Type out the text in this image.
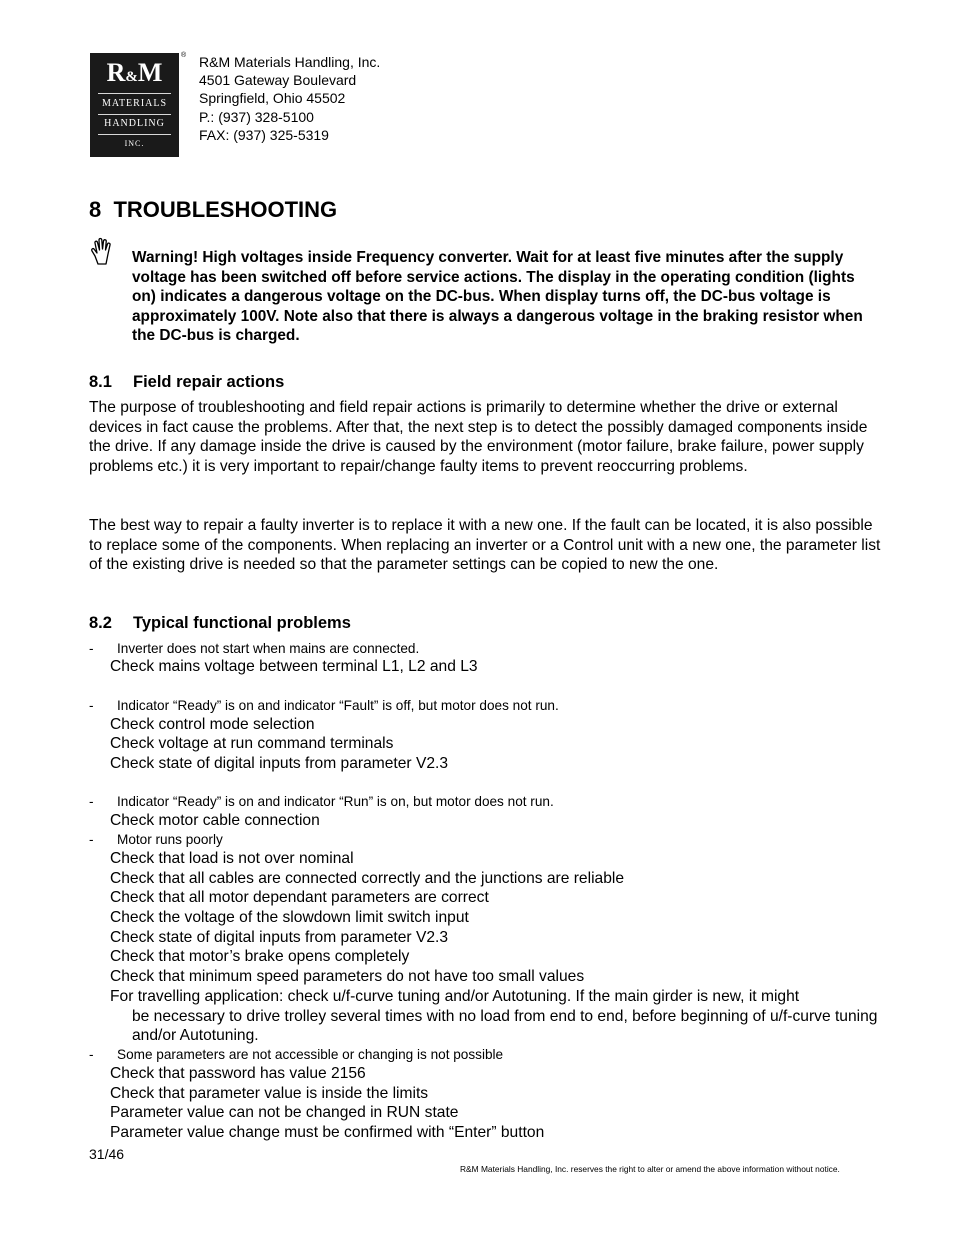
R&M
MATERIALS
HANDLING
INC.
® R&M Materials Handling, Inc.
4501 Gateway Boulevard
Springfield, Ohio 45502
P.: (937) 328-5100
FAX: (937) 325-5319
8 TROUBLESHOOTING
Warning! High voltages inside Frequency converter. Wait for at least five minutes after the supply voltage has been switched off before service actions. The display in the operating condition (lights on) indicates a dangerous voltage on the DC-bus. When display turns off, the DC-bus voltage is approximately 100V. Note also that there is always a dangerous voltage in the braking resistor when the DC-bus is charged.
8.1 Field repair actions
The purpose of troubleshooting and field repair actions is primarily to determine whether the drive or external devices in fact cause the problems. After that, the next step is to detect the possibly damaged components inside the drive. If any damage inside the drive is caused by the environment (motor failure, brake failure, power supply problems etc.) it is very important to repair/change faulty items to prevent reoccurring problems.
The best way to repair a faulty inverter is to replace it with a new one. If the fault can be located, it is also possible to replace some of the components. When replacing an inverter or a Control unit with a new one, the parameter list of the existing drive is needed so that the parameter settings can be copied to new the one.
8.2 Typical functional problems
- Inverter does not start when mains are connected.
Check mains voltage between terminal L1, L2 and L3
- Indicator “Ready” is on and indicator “Fault” is off, but motor does not run.
Check control mode selection
Check voltage at run command terminals
Check state of digital inputs from parameter V2.3
- Indicator “Ready” is on and indicator “Run” is on, but motor does not run.
Check motor cable connection
- Motor runs poorly
Check that load is not over nominal
Check that all cables are connected correctly and the junctions are reliable
Check that all motor dependant parameters are correct
Check the voltage of the slowdown limit switch input
Check state of digital inputs from parameter V2.3
Check that motor’s brake opens completely
Check that minimum speed parameters do not have too small values
For travelling application: check u/f-curve tuning and/or Autotuning. If the main girder is new, it might
be necessary to drive trolley several times with no load from end to end, before beginning of u/f-curve tuning and/or Autotuning.
- Some parameters are not accessible or changing is not possible
Check that password has value 2156
Check that parameter value is inside the limits
Parameter value can not be changed in RUN state
Parameter value change must be confirmed with “Enter” button
31/46
R&M Materials Handling, Inc. reserves the right to alter or amend the above information without notice.
